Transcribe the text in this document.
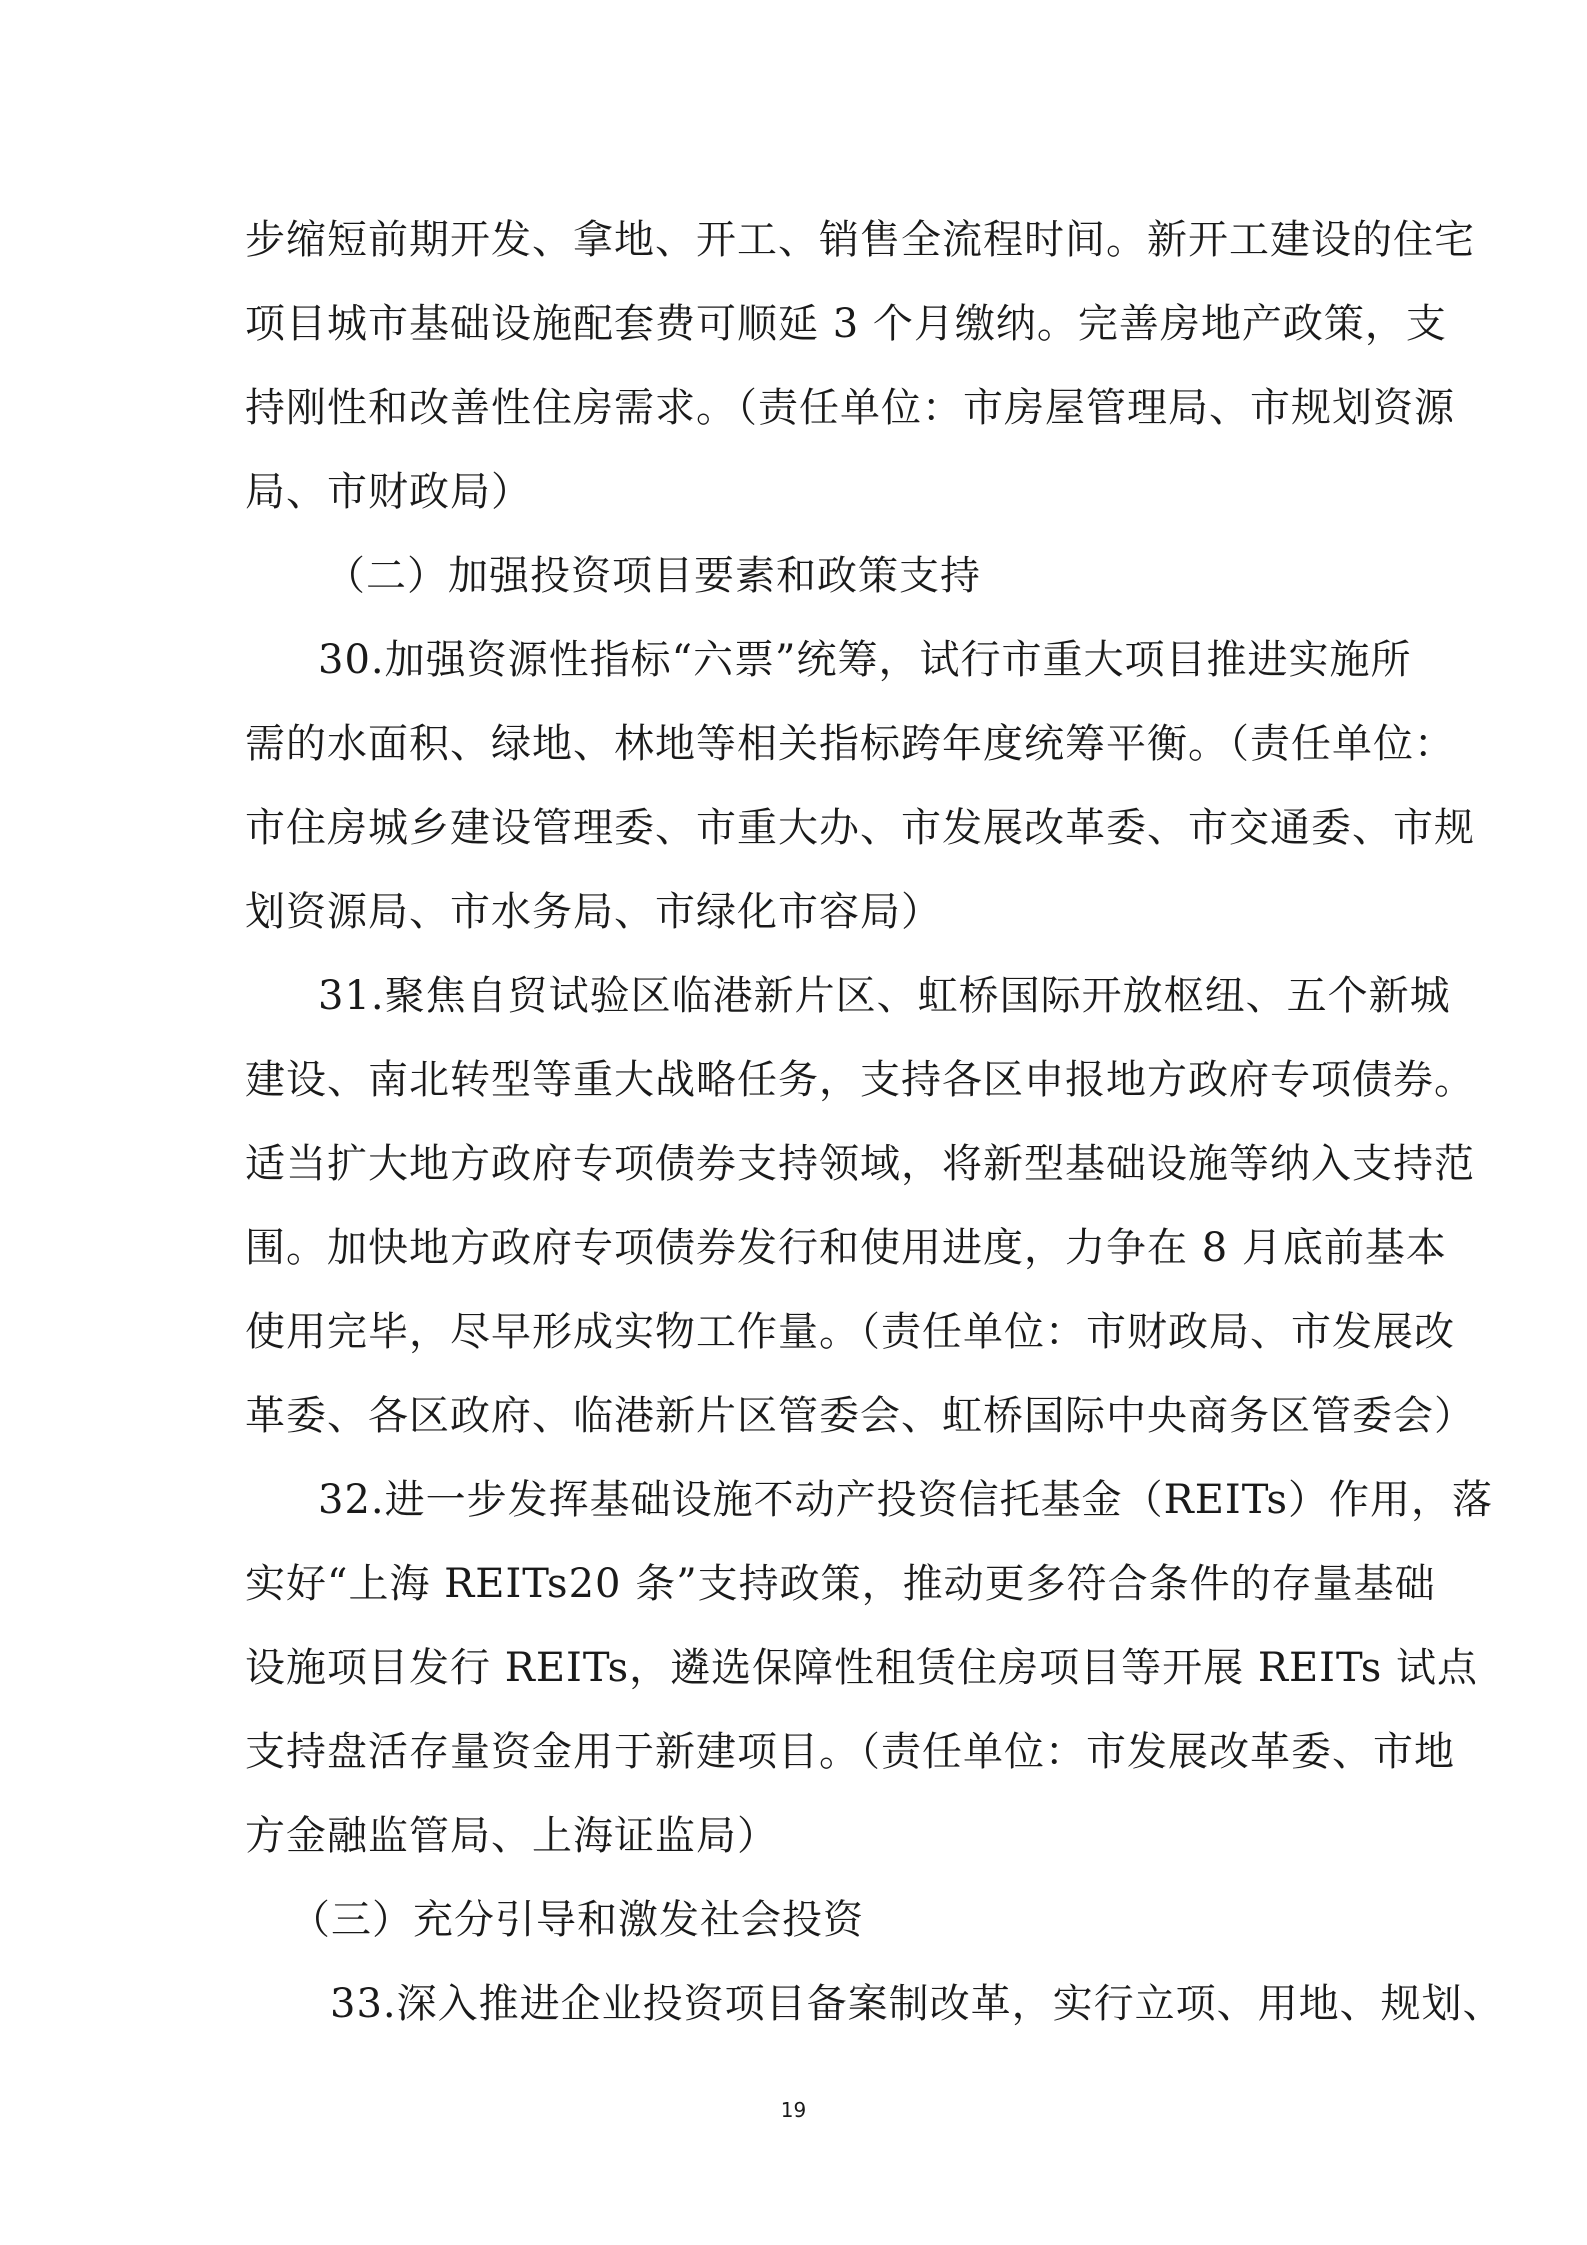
步缩短前期开发、拿地、开工、销售全流程时间。新开工建设的住宅
项目城市基础设施配套费可顺延 3 个月缴纳。完善房地产政策，支
持刚性和改善性住房需求。（责任单位：市房屋管理局、市规划资源
局、市财政局）
（二）加强投资项目要素和政策支持
30.加强资源性指标“六票”统筹，试行市重大项目推进实施所
需的水面积、绿地、林地等相关指标跨年度统筹平衡。（责任单位：
市住房城乡建设管理委、市重大办、市发展改革委、市交通委、市规
划资源局、市水务局、市绿化市容局）
31.聚焦自贸试验区临港新片区、虹桥国际开放枢纽、五个新城
建设、南北转型等重大战略任务，支持各区申报地方政府专项债券。
适当扩大地方政府专项债券支持领域，将新型基础设施等纳入支持范
围。加快地方政府专项债券发行和使用进度，力争在 8 月底前基本
使用完毕，尽早形成实物工作量。（责任单位：市财政局、市发展改
革委、各区政府、临港新片区管委会、虹桥国际中央商务区管委会）
32.进一步发挥基础设施不动产投资信托基金（REITs）作用，落
实好“上海 REITs20 条”支持政策，推动更多符合条件的存量基础
设施项目发行 REITs，遴选保障性租赁住房项目等开展 REITs 试点
支持盘活存量资金用于新建项目。（责任单位：市发展改革委、市地
方金融监管局、上海证监局）
（三）充分引导和激发社会投资
33.深入推进企业投资项目备案制改革，实行立项、用地、规划、
19
